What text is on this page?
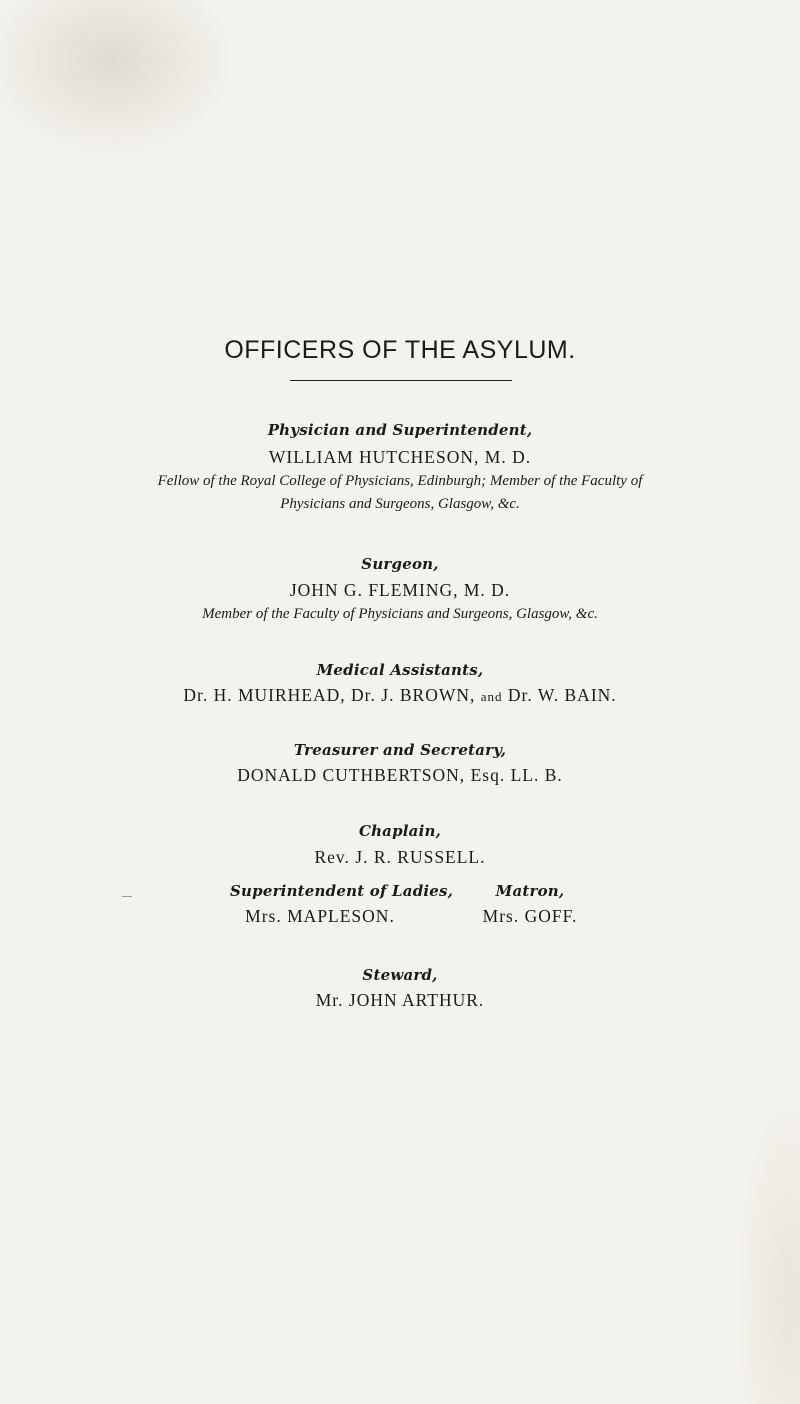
OFFICERS OF THE ASYLUM.
Physician and Superintendent,
WILLIAM HUTCHESON, M. D.
Fellow of the Royal College of Physicians, Edinburgh; Member of the Faculty of
Physicians and Surgeons, Glasgow, &c.
Surgeon,
JOHN G. FLEMING, M. D.
Member of the Faculty of Physicians and Surgeons, Glasgow, &c.
Medical Assistants,
Dr. H. MUIRHEAD, Dr. J. BROWN, and Dr. W. BAIN.
Treasurer and Secretary,
DONALD CUTHBERTSON, Esq. LL. B.
Chaplain,
Rev. J. R. RUSSELL.
Superintendent of Ladies,
Mrs. MAPLESON.
Matron,
Mrs. GOFF.
Steward,
Mr. JOHN ARTHUR.
